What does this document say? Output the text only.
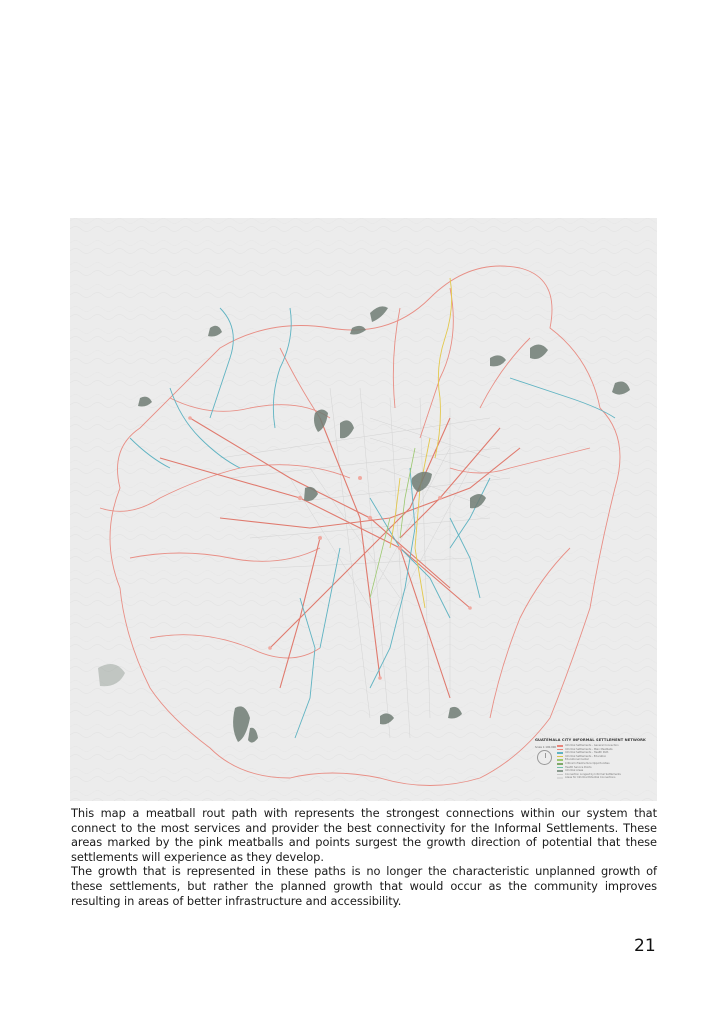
GUATEMALA CITY INFORMAL SETTLEMENT NETWORK
Scale 1:100,000
Informal Settlements - General Connection
Informal Settlements - Main Meatballs
Informal Settlements - Health Path
Informal Settlements - Education
Educational Center
Critical Infrastructure Opportunities
Health Service Points
Informal Areas
Connection Longest by Informal Settlements
Areas for Informal Potential Connections

This map a meatball rout path with represents the strongest connections within our system that connect to the most services and provider the best connectivity for the Informal Settlements. These areas marked by the pink meatballs and points surgest the growth direction of potential that these settlements will experience as they develop.

The growth that is represented in these paths is no longer the characteristic unplanned growth of these settlements, but rather the planned growth that would occur as the community improves resulting in areas of better infrastructure and accessibility.

21
